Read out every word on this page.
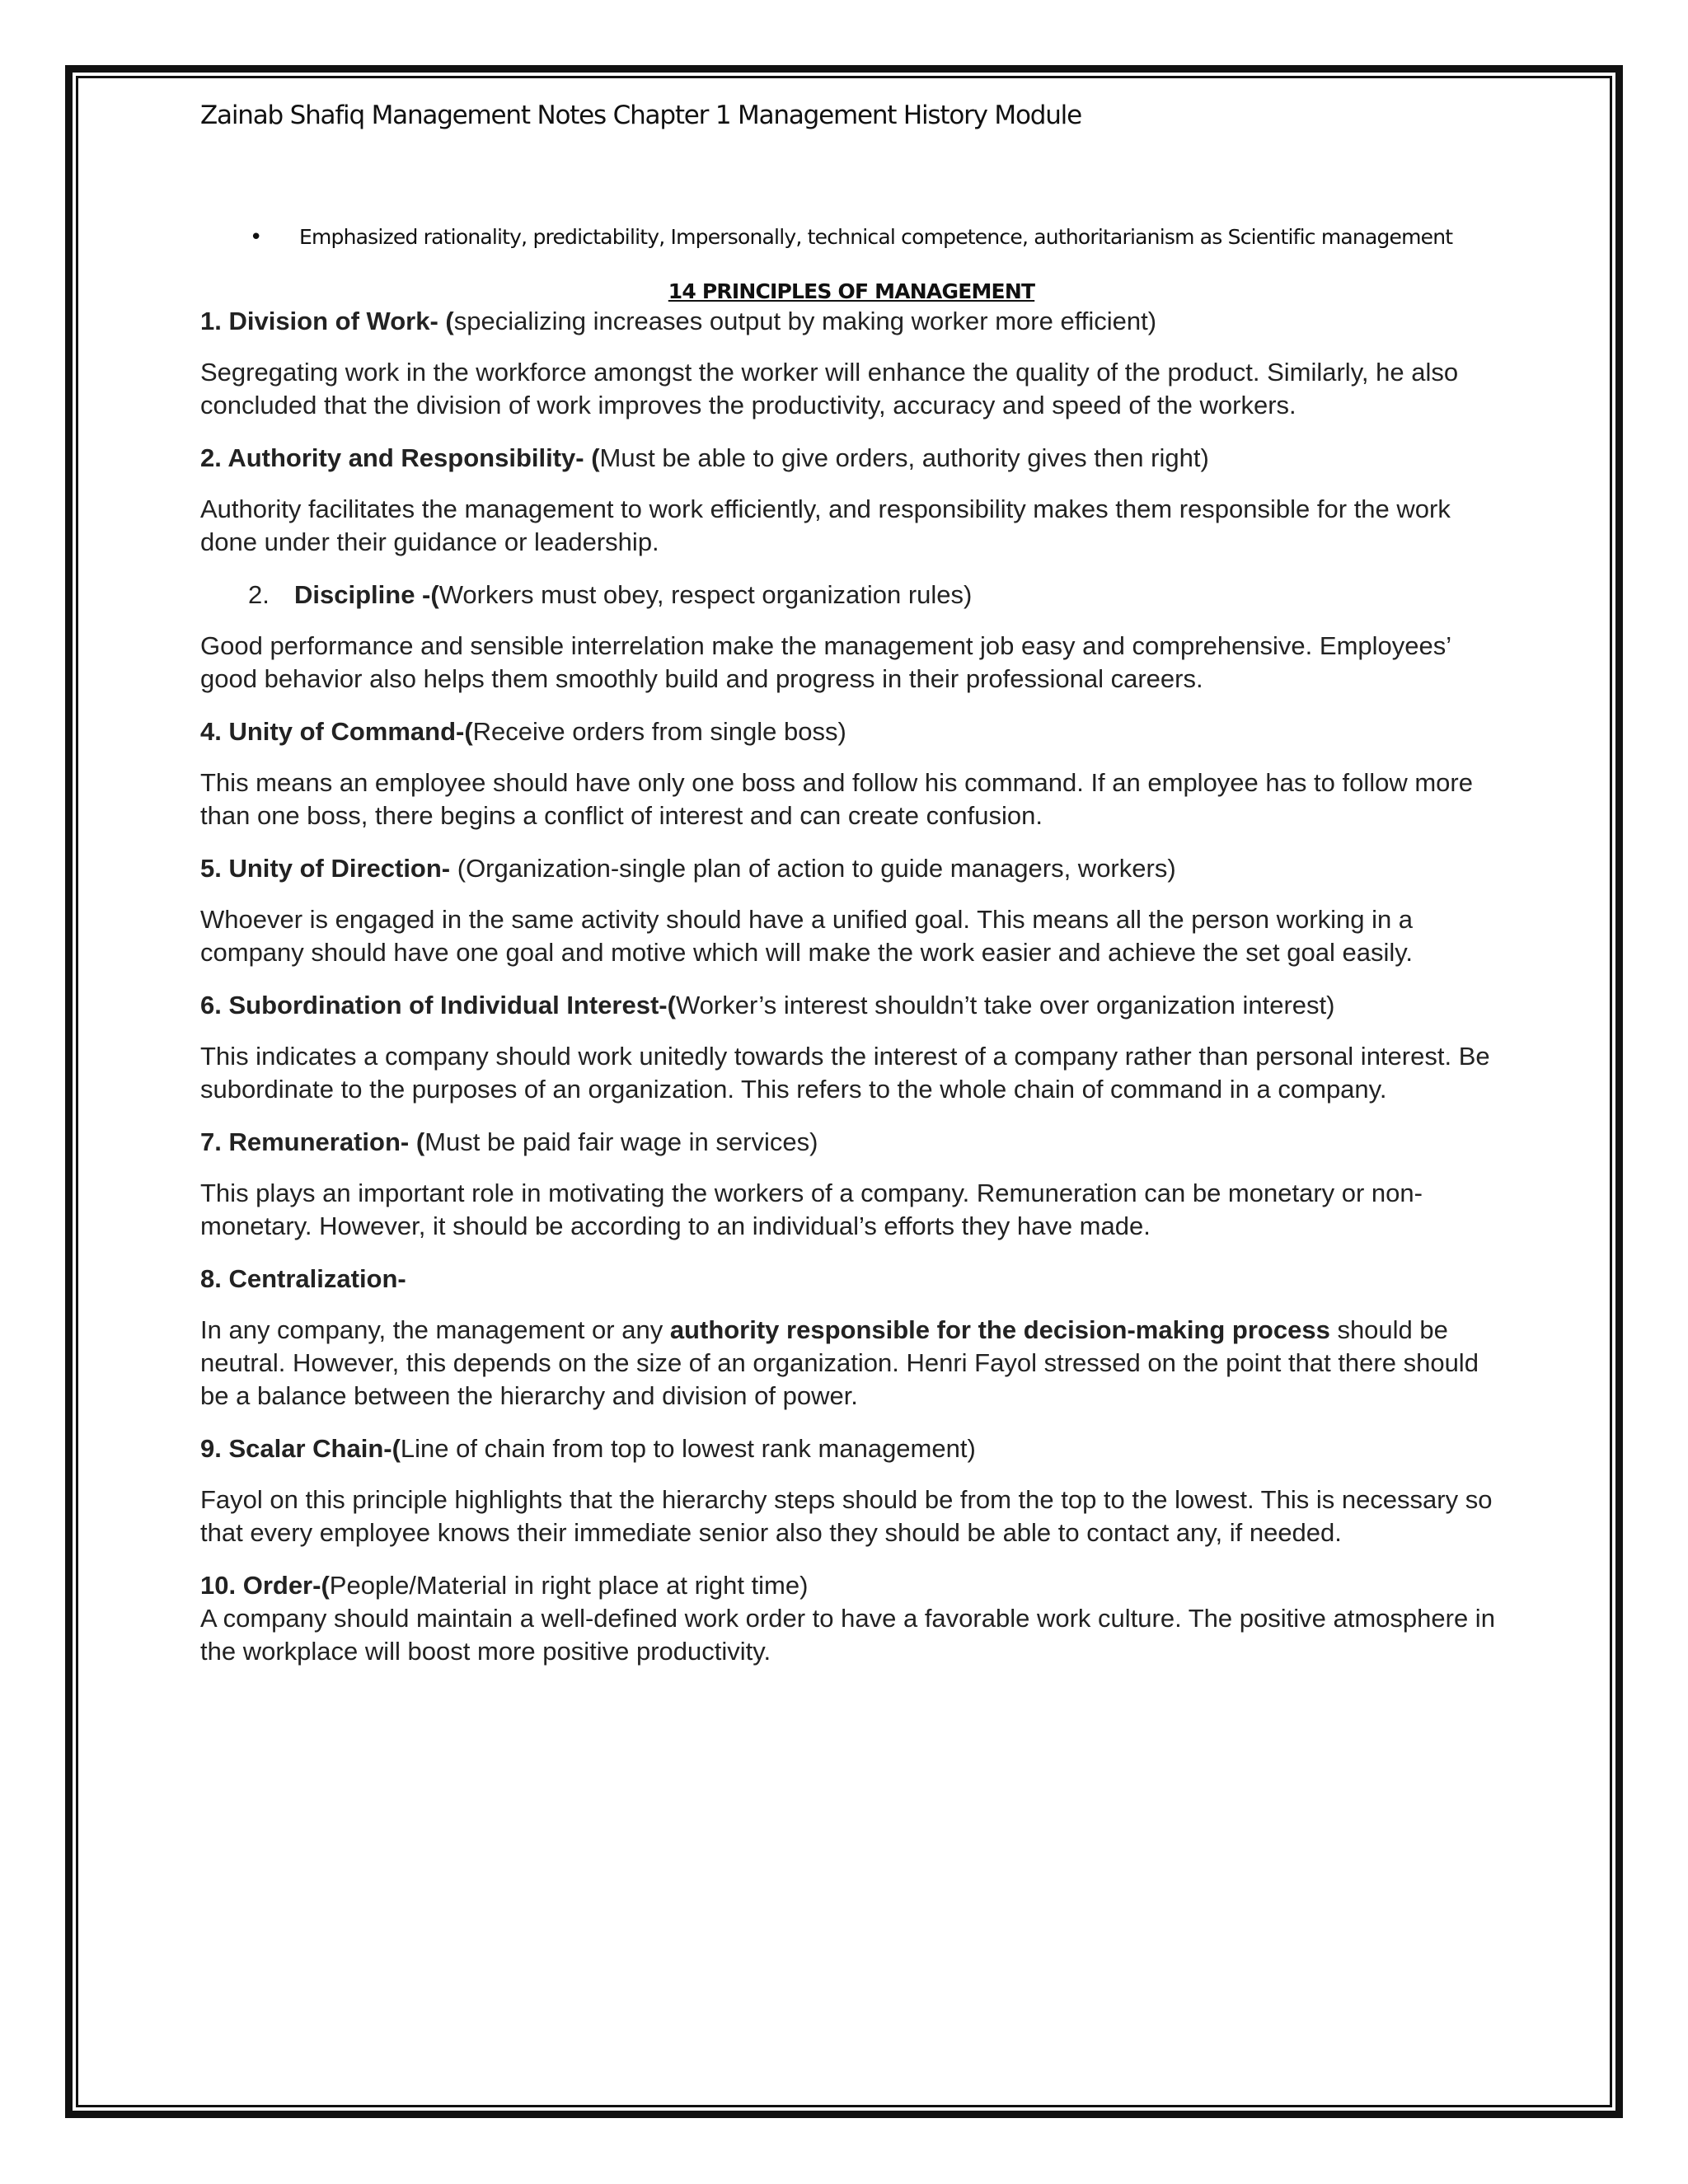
Zainab Shafiq Management Notes Chapter 1 Management History Module
• Emphasized rationality, predictability, Impersonally, technical competence, authoritarianism as Scientific management
14 PRINCIPLES OF MANAGEMENT
1. Division of Work- (specializing increases output by making worker more efficient)
Segregating work in the workforce amongst the worker will enhance the quality of the product. Similarly, he also concluded that the division of work improves the productivity, accuracy and speed of the workers.
2. Authority and Responsibility- (Must be able to give orders, authority gives then right)
Authority facilitates the management to work efficiently, and responsibility makes them responsible for the work done under their guidance or leadership.
2. Discipline -(Workers must obey, respect organization rules)
Good performance and sensible interrelation make the management job easy and comprehensive. Employees’ good behavior also helps them smoothly build and progress in their professional careers.
4. Unity of Command-(Receive orders from single boss)
This means an employee should have only one boss and follow his command. If an employee has to follow more than one boss, there begins a conflict of interest and can create confusion.
5. Unity of Direction- (Organization-single plan of action to guide managers, workers)
Whoever is engaged in the same activity should have a unified goal. This means all the person working in a company should have one goal and motive which will make the work easier and achieve the set goal easily.
6. Subordination of Individual Interest-(Worker’s interest shouldn’t take over organization interest)
This indicates a company should work unitedly towards the interest of a company rather than personal interest. Be subordinate to the purposes of an organization. This refers to the whole chain of command in a company.
7. Remuneration- (Must be paid fair wage in services)
This plays an important role in motivating the workers of a company. Remuneration can be monetary or non-monetary. However, it should be according to an individual’s efforts they have made.
8. Centralization-
In any company, the management or any authority responsible for the decision-making process should be neutral. However, this depends on the size of an organization. Henri Fayol stressed on the point that there should be a balance between the hierarchy and division of power.
9. Scalar Chain-(Line of chain from top to lowest rank management)
Fayol on this principle highlights that the hierarchy steps should be from the top to the lowest. This is necessary so that every employee knows their immediate senior also they should be able to contact any, if needed.
10. Order-(People/Material in right place at right time)
A company should maintain a well-defined work order to have a favorable work culture. The positive atmosphere in the workplace will boost more positive productivity.
